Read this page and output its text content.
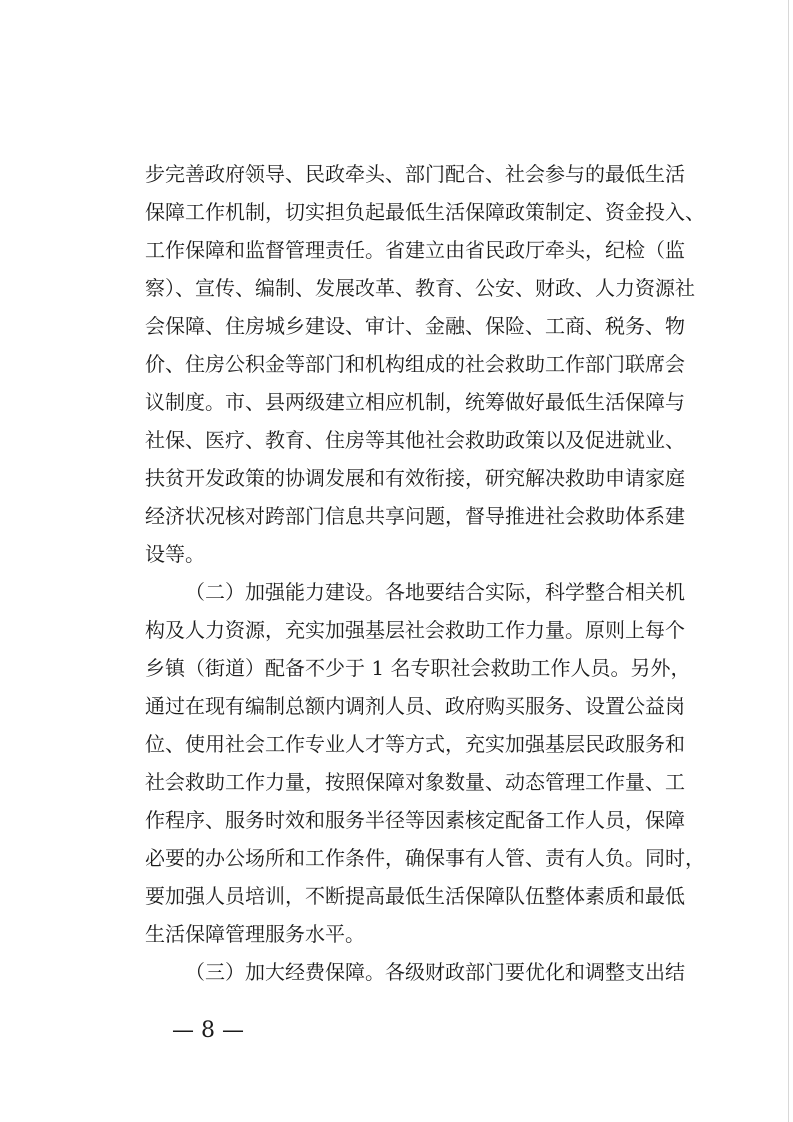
步完善政府领导、民政牵头、部门配合、社会参与的最低生活
保障工作机制，切实担负起最低生活保障政策制定、资金投入、
工作保障和监督管理责任。省建立由省民政厅牵头，纪检（监
察）、宣传、编制、发展改革、教育、公安、财政、人力资源社
会保障、住房城乡建设、审计、金融、保险、工商、税务、物
价、住房公积金等部门和机构组成的社会救助工作部门联席会
议制度。市、县两级建立相应机制，统筹做好最低生活保障与
社保、医疗、教育、住房等其他社会救助政策以及促进就业、
扶贫开发政策的协调发展和有效衔接，研究解决救助申请家庭
经济状况核对跨部门信息共享问题，督导推进社会救助体系建
设等。
（二）加强能力建设。各地要结合实际，科学整合相关机
构及人力资源，充实加强基层社会救助工作力量。原则上每个
乡镇（街道）配备不少于 1 名专职社会救助工作人员。另外，
通过在现有编制总额内调剂人员、政府购买服务、设置公益岗
位、使用社会工作专业人才等方式，充实加强基层民政服务和
社会救助工作力量，按照保障对象数量、动态管理工作量、工
作程序、服务时效和服务半径等因素核定配备工作人员，保障
必要的办公场所和工作条件，确保事有人管、责有人负。同时，
要加强人员培训，不断提高最低生活保障队伍整体素质和最低
生活保障管理服务水平。
（三）加大经费保障。各级财政部门要优化和调整支出结
— 8 —
